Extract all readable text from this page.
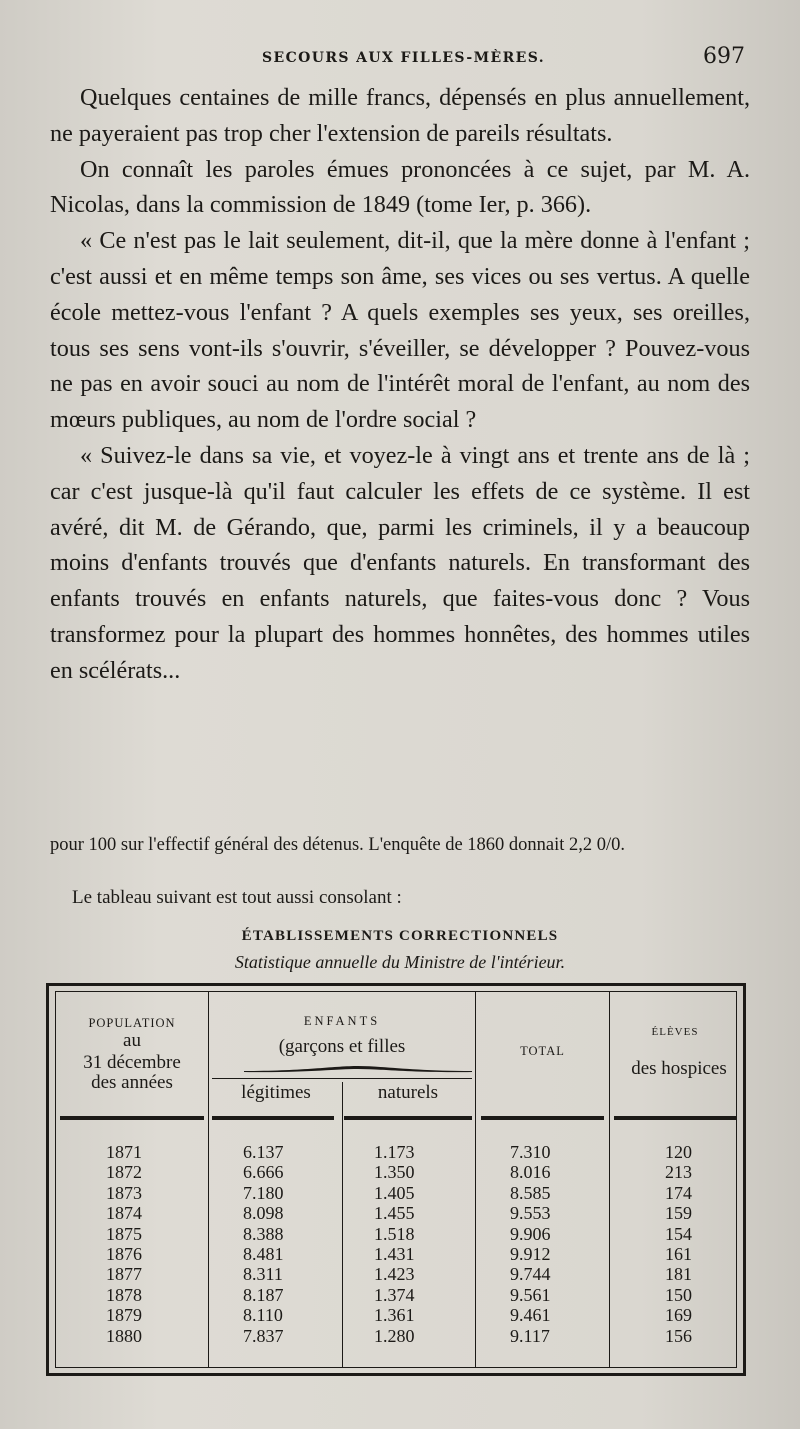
SECOURS AUX FILLES-MÈRES.	697

Quelques centaines de mille francs, dépensés en plus annuellement, ne payeraient pas trop cher l'extension de pareils résultats.

On connaît les paroles émues prononcées à ce sujet, par M. A. Nicolas, dans la commission de 1849 (tome Ier, p. 366).

« Ce n'est pas le lait seulement, dit-il, que la mère donne à l'enfant ; c'est aussi et en même temps son âme, ses vices ou ses vertus. A quelle école mettez-vous l'enfant ? A quels exemples ses yeux, ses oreilles, tous ses sens vont-ils s'ouvrir, s'éveiller, se développer ? Pouvez-vous ne pas en avoir souci au nom de l'intérêt moral de l'enfant, au nom des mœurs publiques, au nom de l'ordre social ?

« Suivez-le dans sa vie, et voyez-le à vingt ans et trente ans de là ; car c'est jusque-là qu'il faut calculer les effets de ce système. Il est avéré, dit M. de Gérando, que, parmi les criminels, il y a beaucoup moins d'enfants trouvés que d'enfants naturels. En transformant des enfants trouvés en enfants naturels, que faites-vous donc ? Vous transformez pour la plupart des hommes honnêtes, des hommes utiles en scélérats...

pour 100 sur l'effectif général des détenus. L'enquête de 1860 donnait 2,2 0/0.
Le tableau suivant est tout aussi consolant :
ÉTABLISSEMENTS CORRECTIONNELS
Statistique annuelle du Ministre de l'intérieur.
POPULATION
au
31 décembre
des années
ENFANTS
(garçons et filles
légitimes	naturels
TOTAL
ÉLÈVES
des hospices
1871
1872
1873
1874
1875
1876
1877
1878
1879
1880
6.137
6.666
7.180
8.098
8.388
8.481
8.311
8.187
8.110
7.837
1.173
1.350
1.405
1.455
1.518
1.431
1.423
1.374
1.361
1.280
7.310
8.016
8.585
9.553
9.906
9.912
9.744
9.561
9.461
9.117
120
213
174
159
154
161
181
150
169
156
